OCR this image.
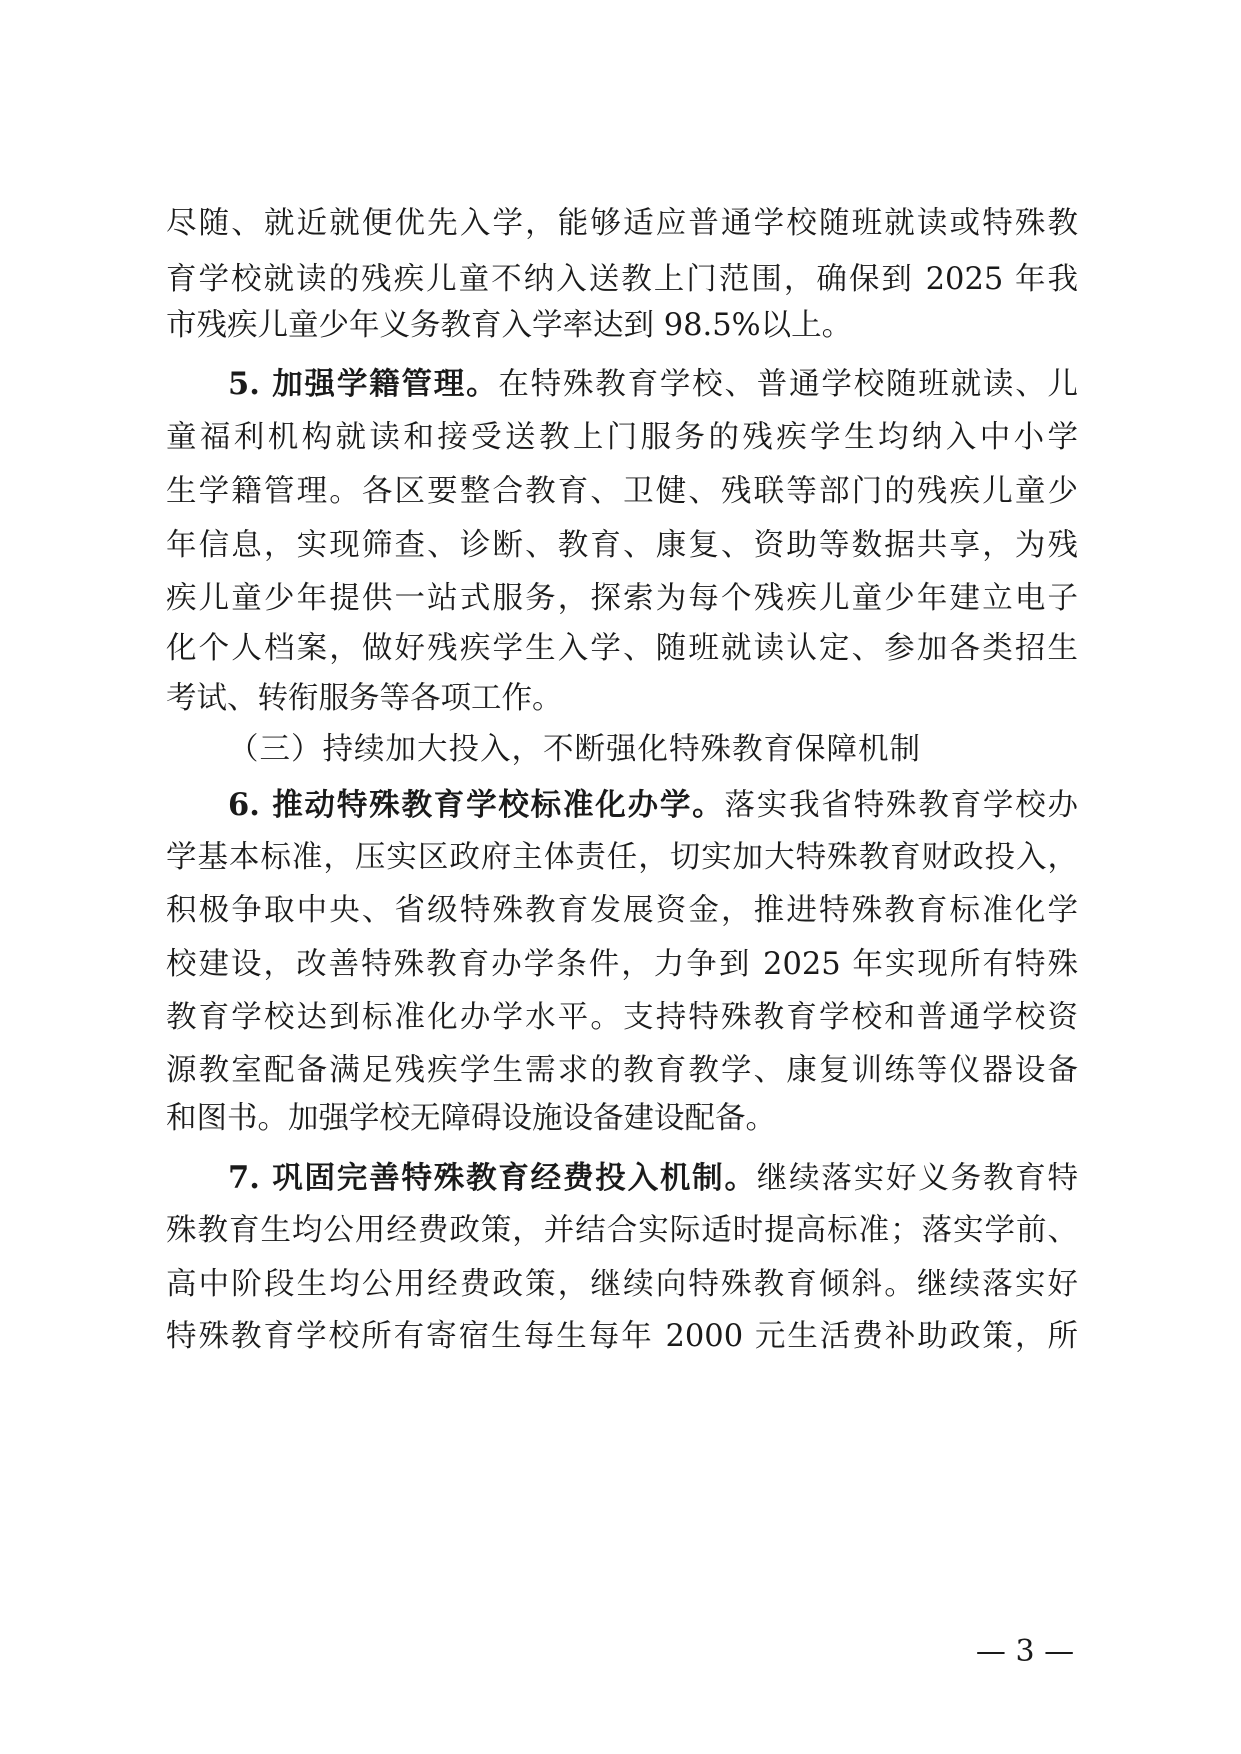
尽随、就近就便优先入学，能够适应普通学校随班就读或特殊教
育学校就读的残疾儿童不纳入送教上门范围，确保到 2025 年我
市残疾儿童少年义务教育入学率达到 98.5%以上。
5. 加强学籍管理。在特殊教育学校、普通学校随班就读、儿
童福利机构就读和接受送教上门服务的残疾学生均纳入中小学
生学籍管理。各区要整合教育、卫健、残联等部门的残疾儿童少
年信息，实现筛查、诊断、教育、康复、资助等数据共享，为残
疾儿童少年提供一站式服务，探索为每个残疾儿童少年建立电子
化个人档案，做好残疾学生入学、随班就读认定、参加各类招生
考试、转衔服务等各项工作。
（三）持续加大投入，不断强化特殊教育保障机制
6. 推动特殊教育学校标准化办学。落实我省特殊教育学校办
学基本标准，压实区政府主体责任，切实加大特殊教育财政投入，
积极争取中央、省级特殊教育发展资金，推进特殊教育标准化学
校建设，改善特殊教育办学条件，力争到 2025 年实现所有特殊
教育学校达到标准化办学水平。支持特殊教育学校和普通学校资
源教室配备满足残疾学生需求的教育教学、康复训练等仪器设备
和图书。加强学校无障碍设施设备建设配备。
7. 巩固完善特殊教育经费投入机制。继续落实好义务教育特
殊教育生均公用经费政策，并结合实际适时提高标准；落实学前、
高中阶段生均公用经费政策，继续向特殊教育倾斜。继续落实好
特殊教育学校所有寄宿生每生每年 2000 元生活费补助政策，所
— 3 —
